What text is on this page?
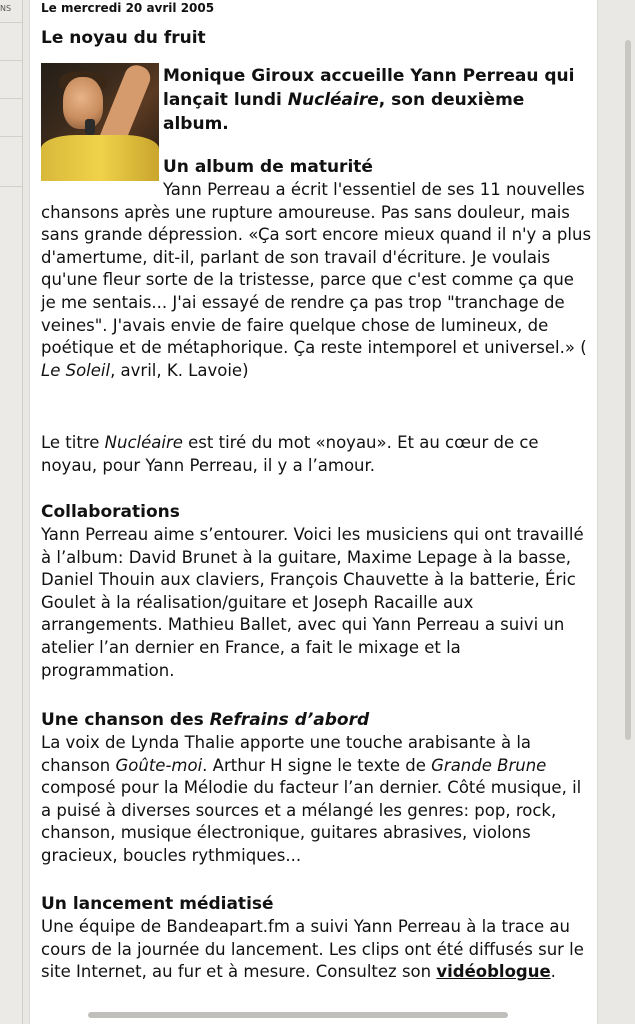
NS Le mercredi 20 avril 2005
Le noyau du fruit
Monique Giroux accueille Yann Perreau qui lançait lundi Nucléaire, son deuxième album.
Un album de maturité
Yann Perreau a écrit l'essentiel de ses 11 nouvelles chansons après une rupture amoureuse. Pas sans douleur, mais sans grande dépression. «Ça sort encore mieux quand il n'y a plus d'amertume, dit-il, parlant de son travail d'écriture. Je voulais qu'une fleur sorte de la tristesse, parce que c'est comme ça que je me sentais... J'ai essayé de rendre ça pas trop "tranchage de veines". J'avais envie de faire quelque chose de lumineux, de poétique et de métaphorique. Ça reste intemporel et universel.» ( Le Soleil, avril, K. Lavoie)
Le titre Nucléaire est tiré du mot «noyau». Et au cœur de ce noyau, pour Yann Perreau, il y a l’amour.
Collaborations

Yann Perreau aime s’entourer. Voici les musiciens qui ont travaillé à l’album: David Brunet à la guitare, Maxime Lepage à la basse, Daniel Thouin aux claviers, François Chauvette à la batterie, Éric Goulet à la réalisation/guitare et Joseph Racaille aux arrangements. Mathieu Ballet, avec qui Yann Perreau a suivi un atelier l’an dernier en France, a fait le mixage et la programmation.

Une chanson des Refrains d’abord

La voix de Lynda Thalie apporte une touche arabisante à la chanson Goûte-moi. Arthur H signe le texte de Grande Brune composé pour la Mélodie du facteur l’an dernier. Côté musique, il a puisé à diverses sources et a mélangé les genres: pop, rock, chanson, musique électronique, guitares abrasives, violons gracieux, boucles rythmiques...

Un lancement médiatisé

Une équipe de Bandeapart.fm a suivi Yann Perreau à la trace au cours de la journée du lancement. Les clips ont été diffusés sur le site Internet, au fur et à mesure. Consultez son vidéoblogue.
